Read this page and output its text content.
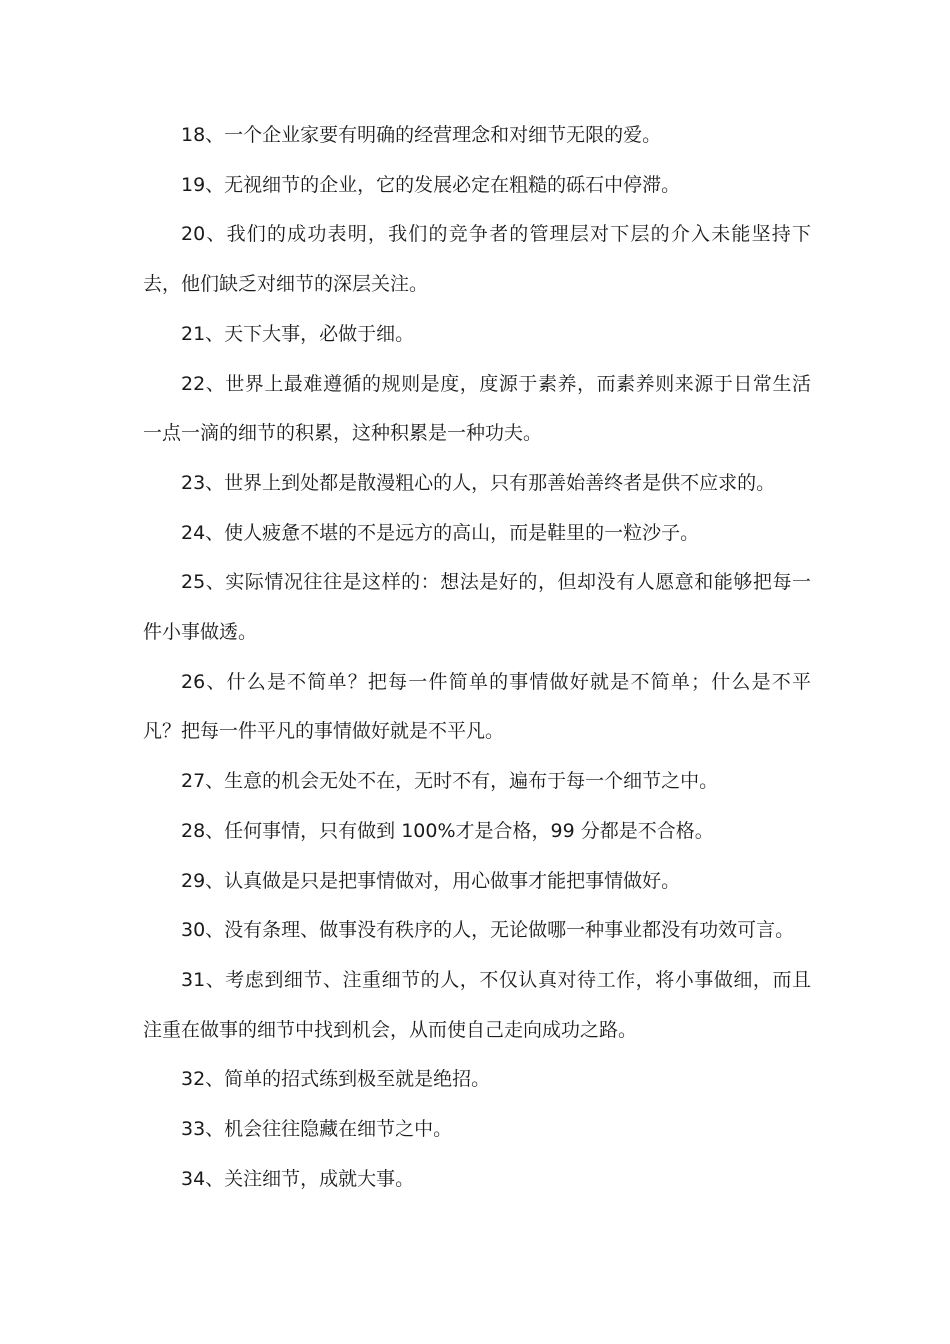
18、一个企业家要有明确的经营理念和对细节无限的爱。

19、无视细节的企业，它的发展必定在粗糙的砾石中停滞。

20、我们的成功表明，我们的竞争者的管理层对下层的介入未能坚持下去，他们缺乏对细节的深层关注。

21、天下大事，必做于细。

22、世界上最难遵循的规则是度，度源于素养，而素养则来源于日常生活一点一滴的细节的积累，这种积累是一种功夫。

23、世界上到处都是散漫粗心的人，只有那善始善终者是供不应求的。

24、使人疲惫不堪的不是远方的高山，而是鞋里的一粒沙子。

25、实际情况往往是这样的：想法是好的，但却没有人愿意和能够把每一件小事做透。

26、什么是不简单？把每一件简单的事情做好就是不简单；什么是不平凡？把每一件平凡的事情做好就是不平凡。

27、生意的机会无处不在，无时不有，遍布于每一个细节之中。

28、任何事情，只有做到 100%才是合格，99 分都是不合格。

29、认真做是只是把事情做对，用心做事才能把事情做好。

30、没有条理、做事没有秩序的人，无论做哪一种事业都没有功效可言。

31、考虑到细节、注重细节的人，不仅认真对待工作，将小事做细，而且注重在做事的细节中找到机会，从而使自己走向成功之路。

32、简单的招式练到极至就是绝招。

33、机会往往隐藏在细节之中。

34、关注细节，成就大事。
